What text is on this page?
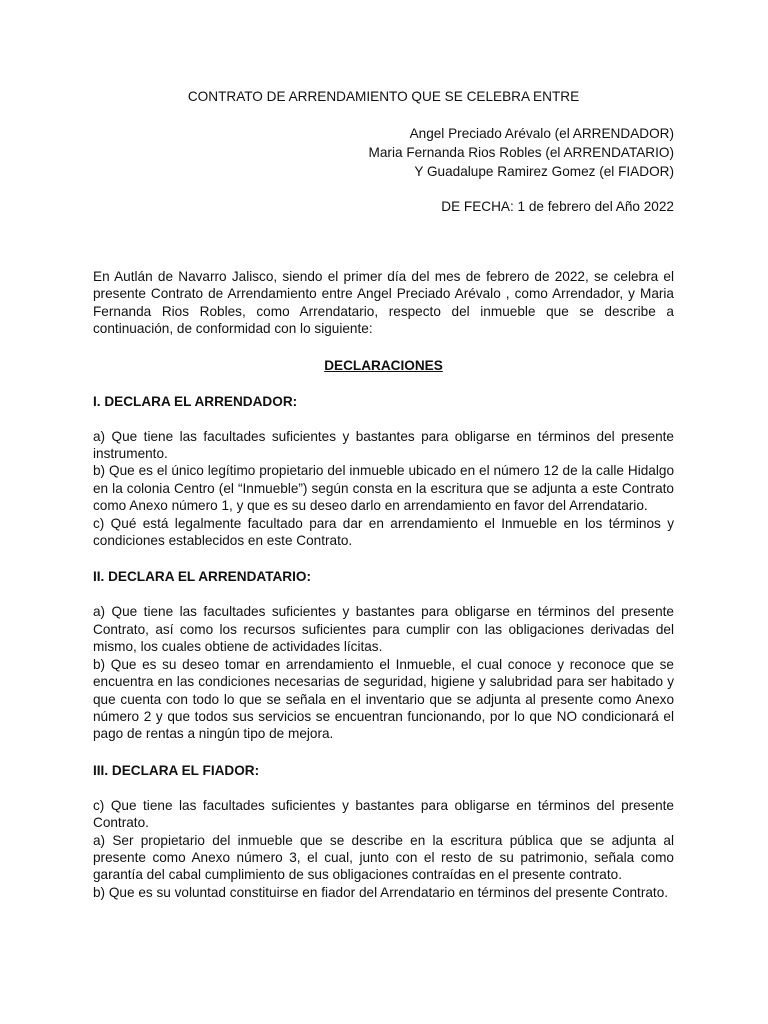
CONTRATO DE ARRENDAMIENTO QUE SE CELEBRA ENTRE
Angel Preciado Arévalo (el ARRENDADOR)
Maria Fernanda Rios Robles (el ARRENDATARIO)
Y Guadalupe Ramirez Gomez (el FIADOR)
DE FECHA: 1 de febrero del Año 2022

En Autlán de Navarro Jalisco, siendo el primer día del mes de febrero de 2022, se celebra el presente Contrato de Arrendamiento entre Angel Preciado Arévalo , como Arrendador, y Maria Fernanda Rios Robles, como Arrendatario, respecto del inmueble que se describe a continuación, de conformidad con lo siguiente:

DECLARACIONES
I. DECLARA EL ARRENDADOR:

a) Que tiene las facultades suficientes y bastantes para obligarse en términos del presente instrumento.

b) Que es el único legítimo propietario del inmueble ubicado en el número 12 de la calle Hidalgo en la colonia Centro (el “Inmueble”) según consta en la escritura que se adjunta a este Contrato como Anexo número 1, y que es su deseo darlo en arrendamiento en favor del Arrendatario.

c) Qué está legalmente facultado para dar en arrendamiento el Inmueble en los términos y condiciones establecidos en este Contrato.

II. DECLARA EL ARRENDATARIO:

a) Que tiene las facultades suficientes y bastantes para obligarse en términos del presente Contrato, así como los recursos suficientes para cumplir con las obligaciones derivadas del mismo, los cuales obtiene de actividades lícitas.

b) Que es su deseo tomar en arrendamiento el Inmueble, el cual conoce y reconoce que se encuentra en las condiciones necesarias de seguridad, higiene y salubridad para ser habitado y que cuenta con todo lo que se señala en el inventario que se adjunta al presente como Anexo número 2 y que todos sus servicios se encuentran funcionando, por lo que NO condicionará el pago de rentas a ningún tipo de mejora.

III. DECLARA EL FIADOR:

c) Que tiene las facultades suficientes y bastantes para obligarse en términos del presente Contrato.

a) Ser propietario del inmueble que se describe en la escritura pública que se adjunta al presente como Anexo número 3, el cual, junto con el resto de su patrimonio, señala como garantía del cabal cumplimiento de sus obligaciones contraídas en el presente contrato.

b) Que es su voluntad constituirse en fiador del Arrendatario en términos del presente Contrato.
